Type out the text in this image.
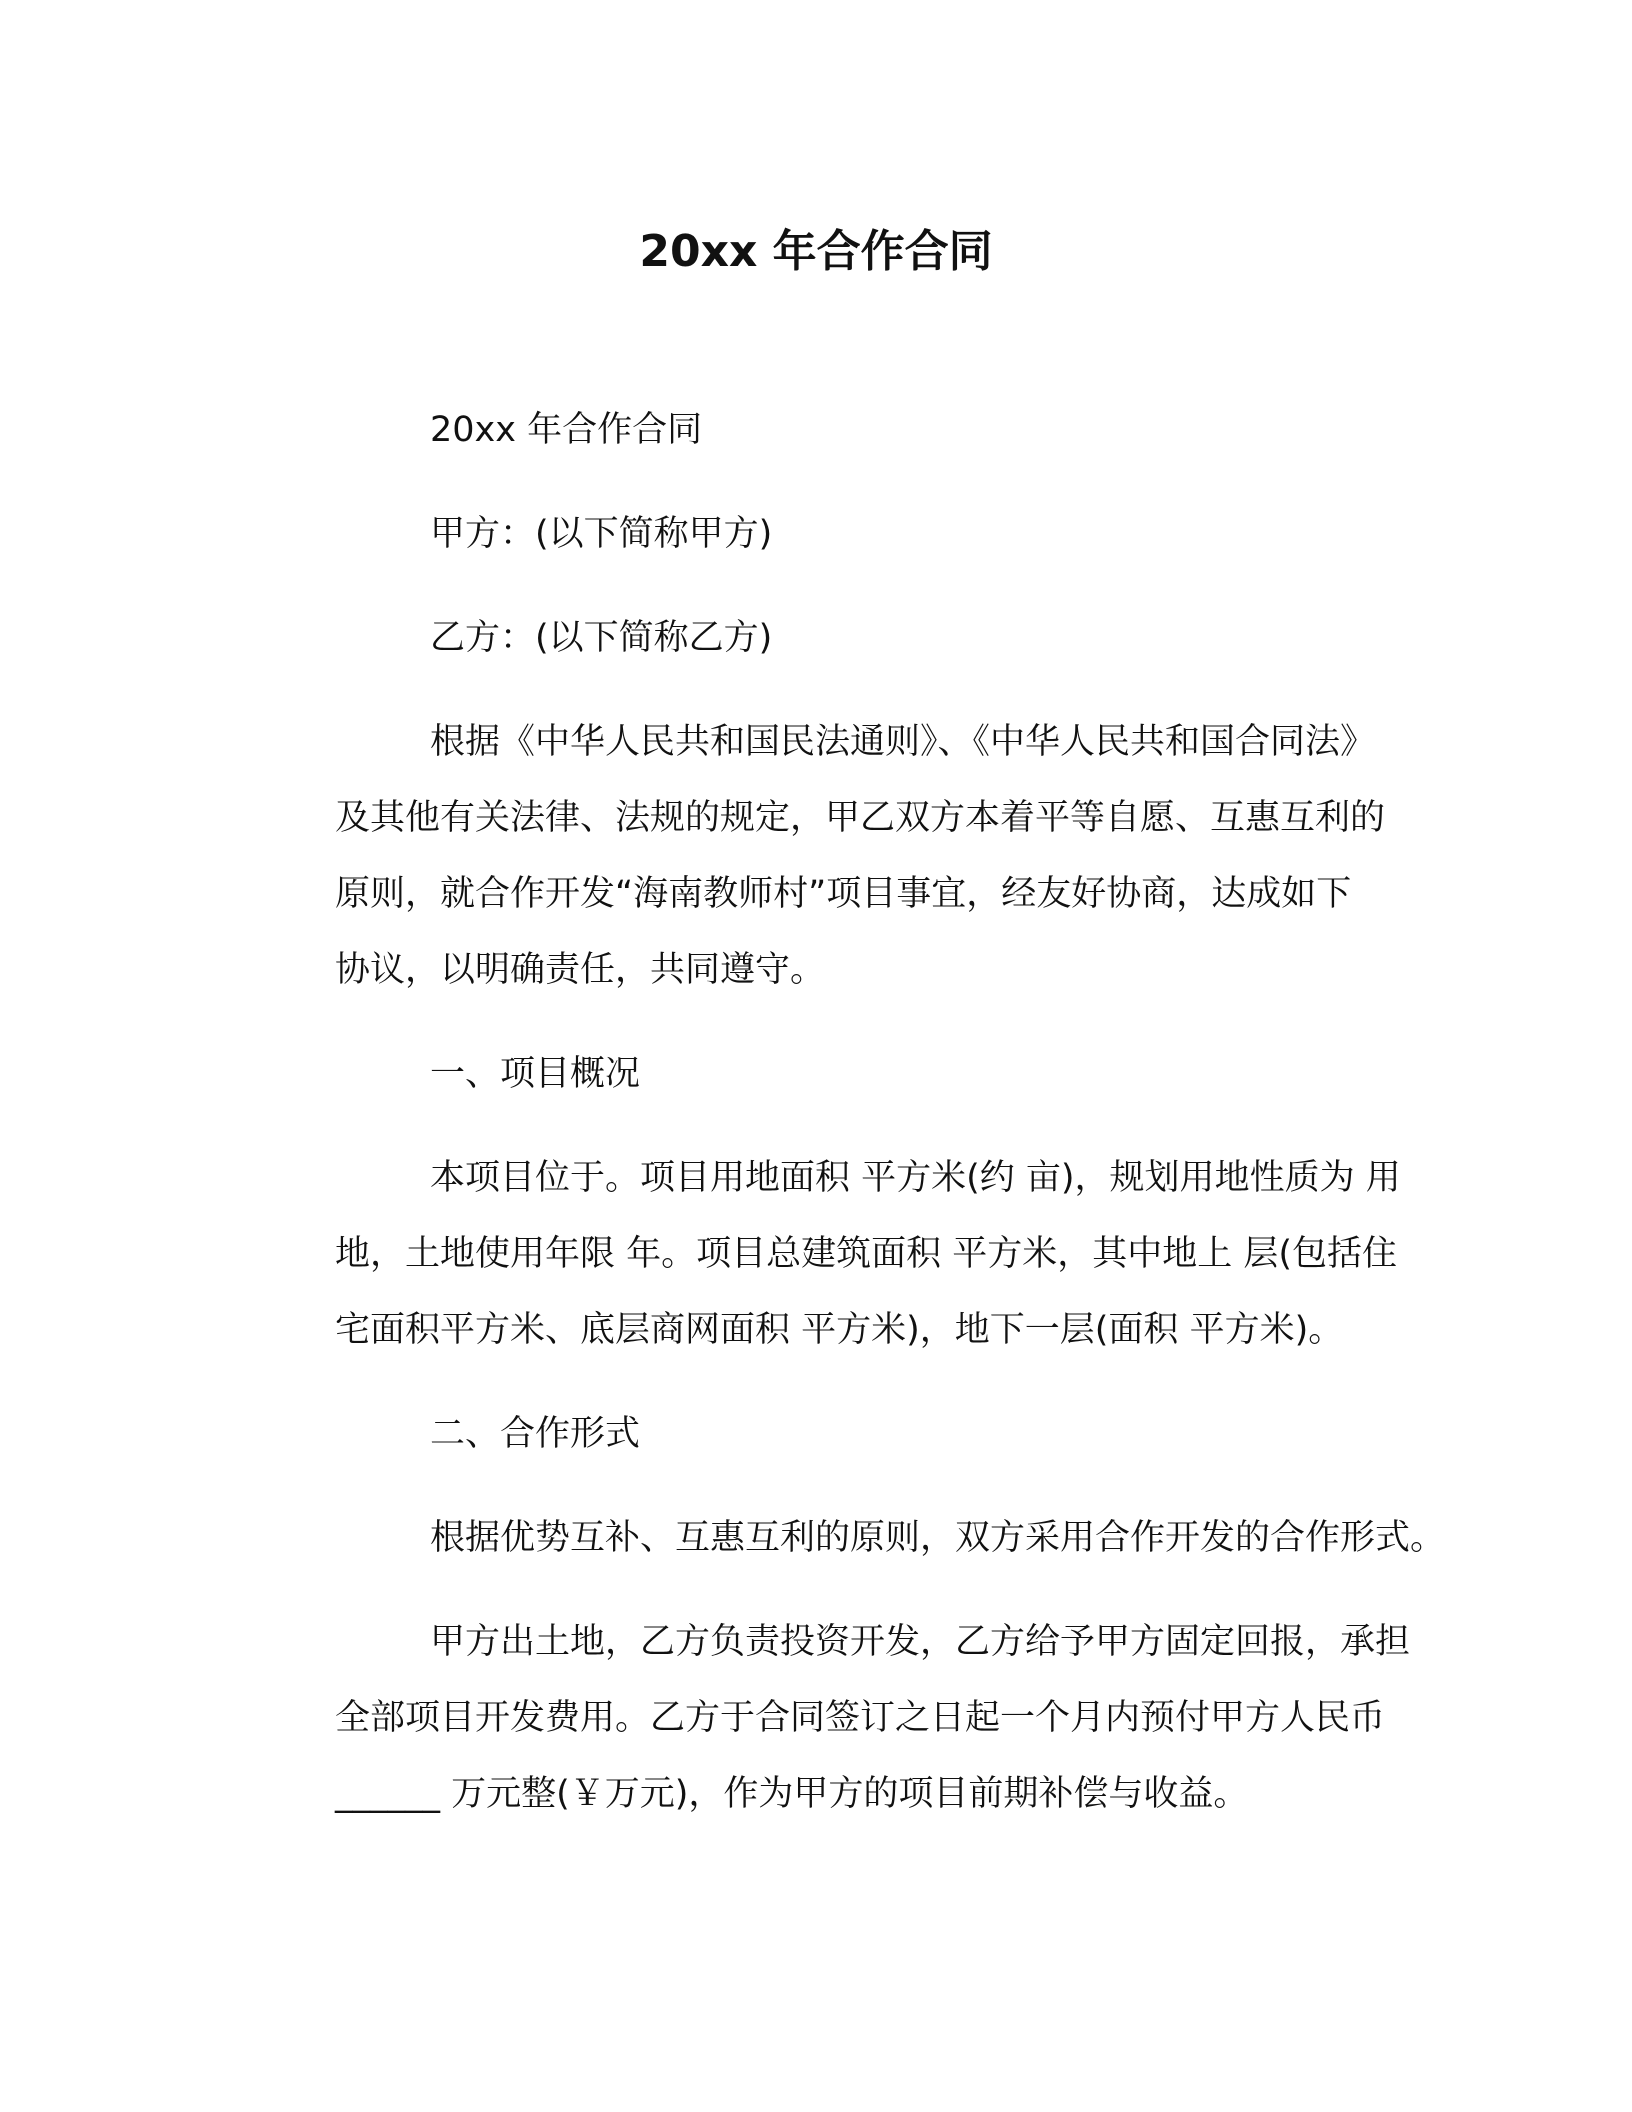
20xx 年合作合同
20xx 年合作合同
甲方：(以下简称甲方)
乙方：(以下简称乙方)
根据《中华人民共和国民法通则》、《中华人民共和国合同法》
及其他有关法律、法规的规定，甲乙双方本着平等自愿、互惠互利的
原则，就合作开发“海南教师村”项目事宜，经友好协商，达成如下
协议，以明确责任，共同遵守。
一、项目概况
本项目位于。项目用地面积 平方米(约 亩)，规划用地性质为 用
地，土地使用年限 年。项目总建筑面积 平方米，其中地上 层(包括住
宅面积平方米、底层商网面积 平方米)，地下一层(面积 平方米)。
二、合作形式
根据优势互补、互惠互利的原则，双方采用合作开发的合作形式。
甲方出土地，乙方负责投资开发，乙方给予甲方固定回报，承担
全部项目开发费用。乙方于合同签订之日起一个月内预付甲方人民币
______ 万元整(￥万元)，作为甲方的项目前期补偿与收益。
